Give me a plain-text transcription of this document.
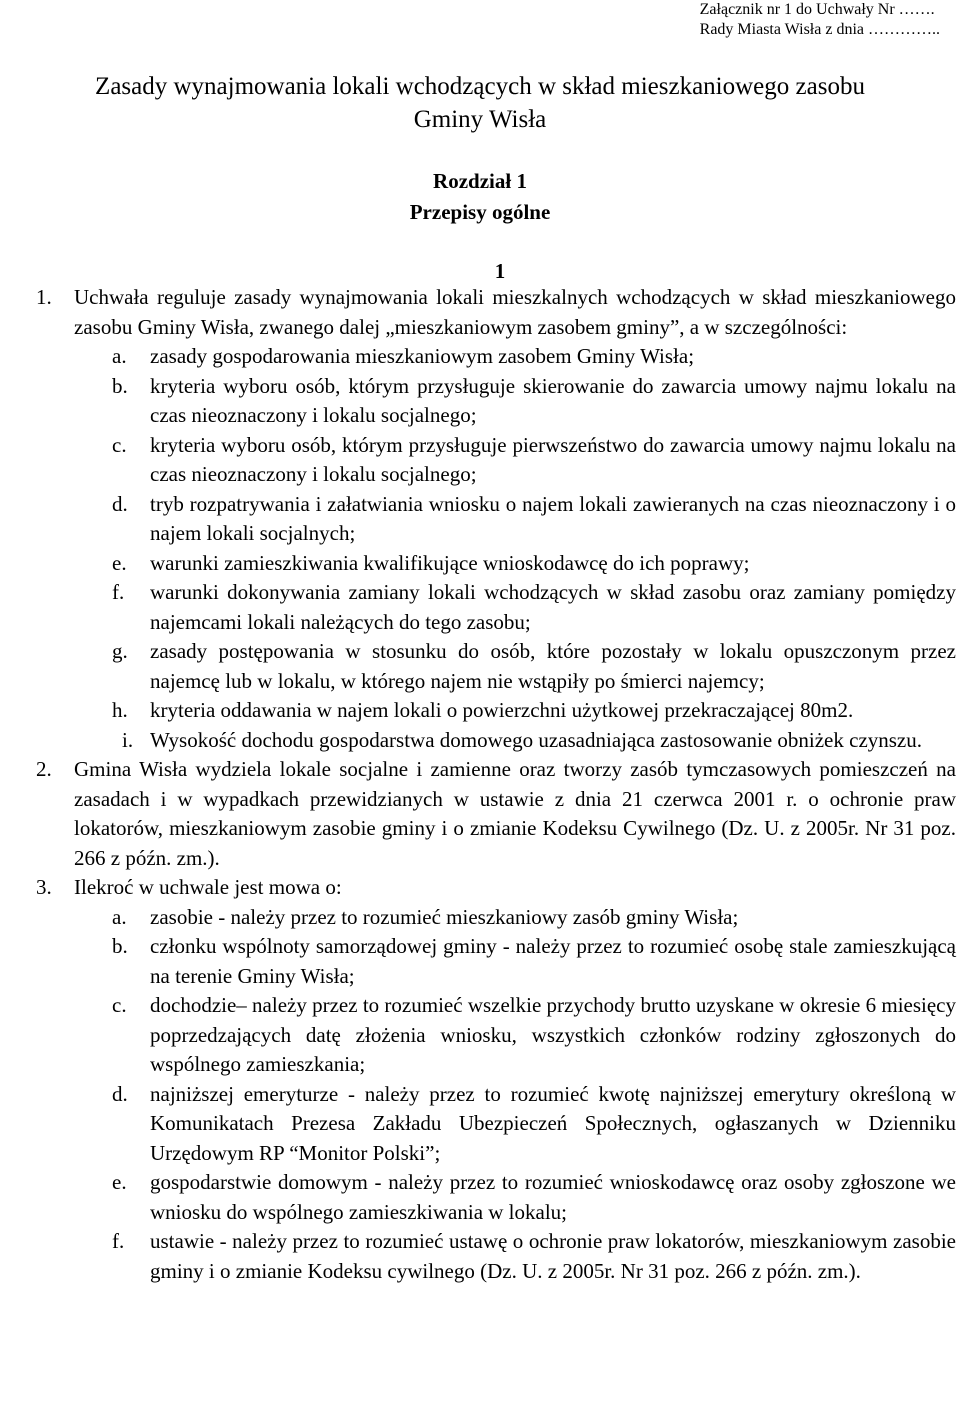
Załącznik nr 1 do Uchwały Nr …….
Rady Miasta Wisła z dnia …………..
Zasady wynajmowania lokali wchodzących w skład mieszkaniowego zasobu
Gminy Wisła
Rozdział 1
Przepisy ogólne
1
1.	Uchwała reguluje zasady wynajmowania lokali mieszkalnych wchodzących w skład mieszkaniowego zasobu Gminy Wisła, zwanego dalej „mieszkaniowym zasobem gminy”, a w szczególności:
a.	zasady gospodarowania mieszkaniowym zasobem Gminy Wisła;
b.	kryteria wyboru osób, którym przysługuje skierowanie do zawarcia umowy najmu lokalu na czas nieoznaczony i lokalu socjalnego;
c.	kryteria wyboru osób, którym przysługuje pierwszeństwo do zawarcia umowy najmu lokalu na czas nieoznaczony i lokalu socjalnego;
d.	tryb rozpatrywania i załatwiania wniosku o najem lokali zawieranych na czas nieoznaczony i o najem lokali socjalnych;
e.	warunki zamieszkiwania kwalifikujące wnioskodawcę do ich poprawy;
f.	warunki dokonywania zamiany lokali wchodzących w skład zasobu oraz zamiany pomiędzy najemcami lokali należących do tego zasobu;
g.	zasady postępowania w stosunku do osób, które pozostały w lokalu opuszczonym przez najemcę lub w lokalu, w którego najem nie wstąpiły po śmierci najemcy;
h.	kryteria oddawania w najem lokali o powierzchni użytkowej przekraczającej 80m2.
i. Wysokość dochodu gospodarstwa domowego uzasadniająca zastosowanie obniżek czynszu.
2.	Gmina Wisła wydziela lokale socjalne i zamienne oraz tworzy zasób tymczasowych pomieszczeń na zasadach i w wypadkach przewidzianych w ustawie z dnia 21 czerwca 2001 r. o ochronie praw lokatorów, mieszkaniowym zasobie gminy i o zmianie Kodeksu Cywilnego (Dz. U. z 2005r. Nr 31 poz. 266 z późn. zm.).
3.	Ilekroć w uchwale jest mowa o:
a.	zasobie - należy przez to rozumieć mieszkaniowy zasób gminy Wisła;
b.	członku wspólnoty samorządowej gminy - należy przez to rozumieć osobę stale zamieszkującą na terenie Gminy Wisła;
c.	dochodzie– należy przez to rozumieć wszelkie przychody brutto uzyskane w okresie 6 miesięcy poprzedzających datę złożenia wniosku, wszystkich członków rodziny zgłoszonych do wspólnego zamieszkania;
d.	najniższej emeryturze - należy przez to rozumieć kwotę najniższej emerytury określoną w Komunikatach Prezesa Zakładu Ubezpieczeń Społecznych, ogłaszanych w Dzienniku Urzędowym RP “Monitor Polski”;
e.	gospodarstwie domowym - należy przez to rozumieć wnioskodawcę oraz osoby zgłoszone we wniosku do wspólnego zamieszkiwania w lokalu;
f.	ustawie - należy przez to rozumieć ustawę o ochronie praw lokatorów, mieszkaniowym zasobie gminy i o zmianie Kodeksu cywilnego (Dz. U. z 2005r. Nr 31 poz. 266 z późn. zm.).
